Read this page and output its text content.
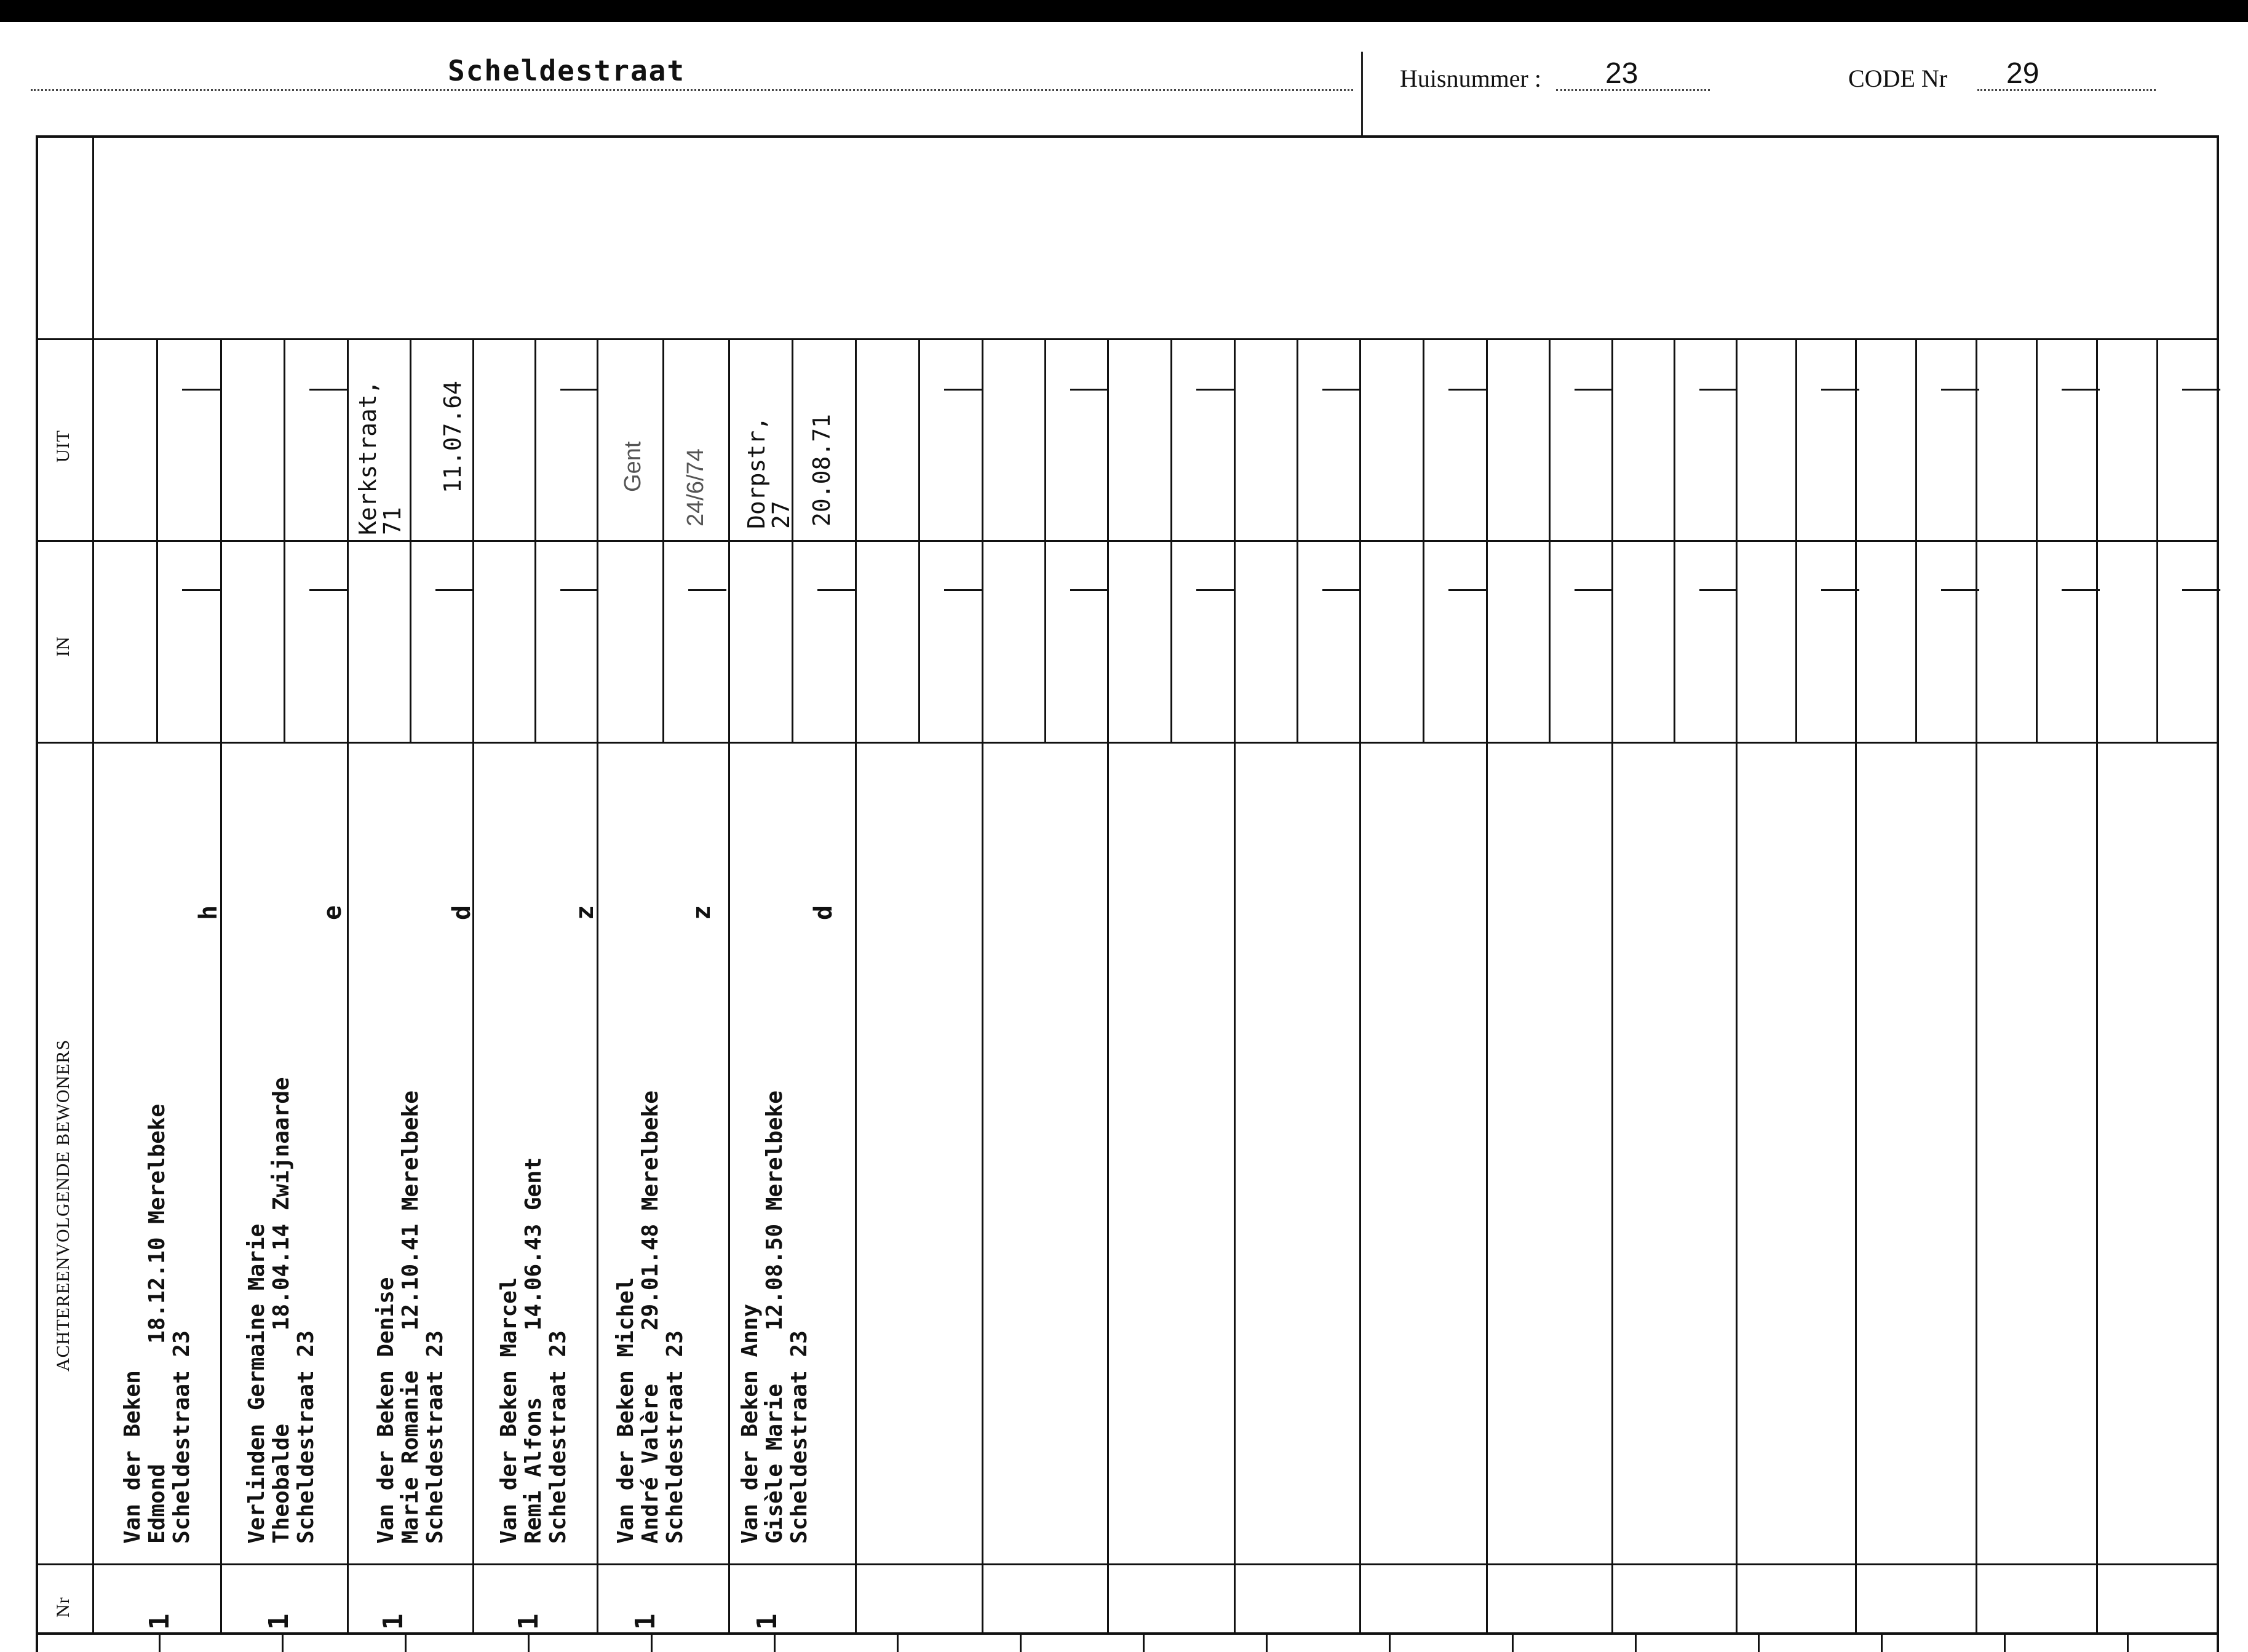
Scheldestraat	Huisnummer : 23	CODE Nr 29
UIT
IN
ACHTEREENVOLGENDE BEWONERS
Nr
Van der Beken Edmond         18.12.10 Merelbeke Scheldestraat 23
h
1
Verlinden Germaine Marie Theobalde       18.04.14 Zwijnaarde Scheldestraat 23
e
1
Van der Beken Denise Marie Romanie   12.10.41 Merelbeke Scheldestraat 23
d
1
Kerkstraat,
71
11.07.64
Van der Beken Marcel Remi Alfons     14.06.43 Gent Scheldestraat 23
z
1
Van der Beken Michel André Valère    29.01.48 Merelbeke Scheldestraat 23
z
1
Gent 24/6/74
Van der Beken Anny Gisèle Marie    12.08.50 Merelbeke Scheldestraat 23
d
1
Dorpstr,
27 20.08.71
